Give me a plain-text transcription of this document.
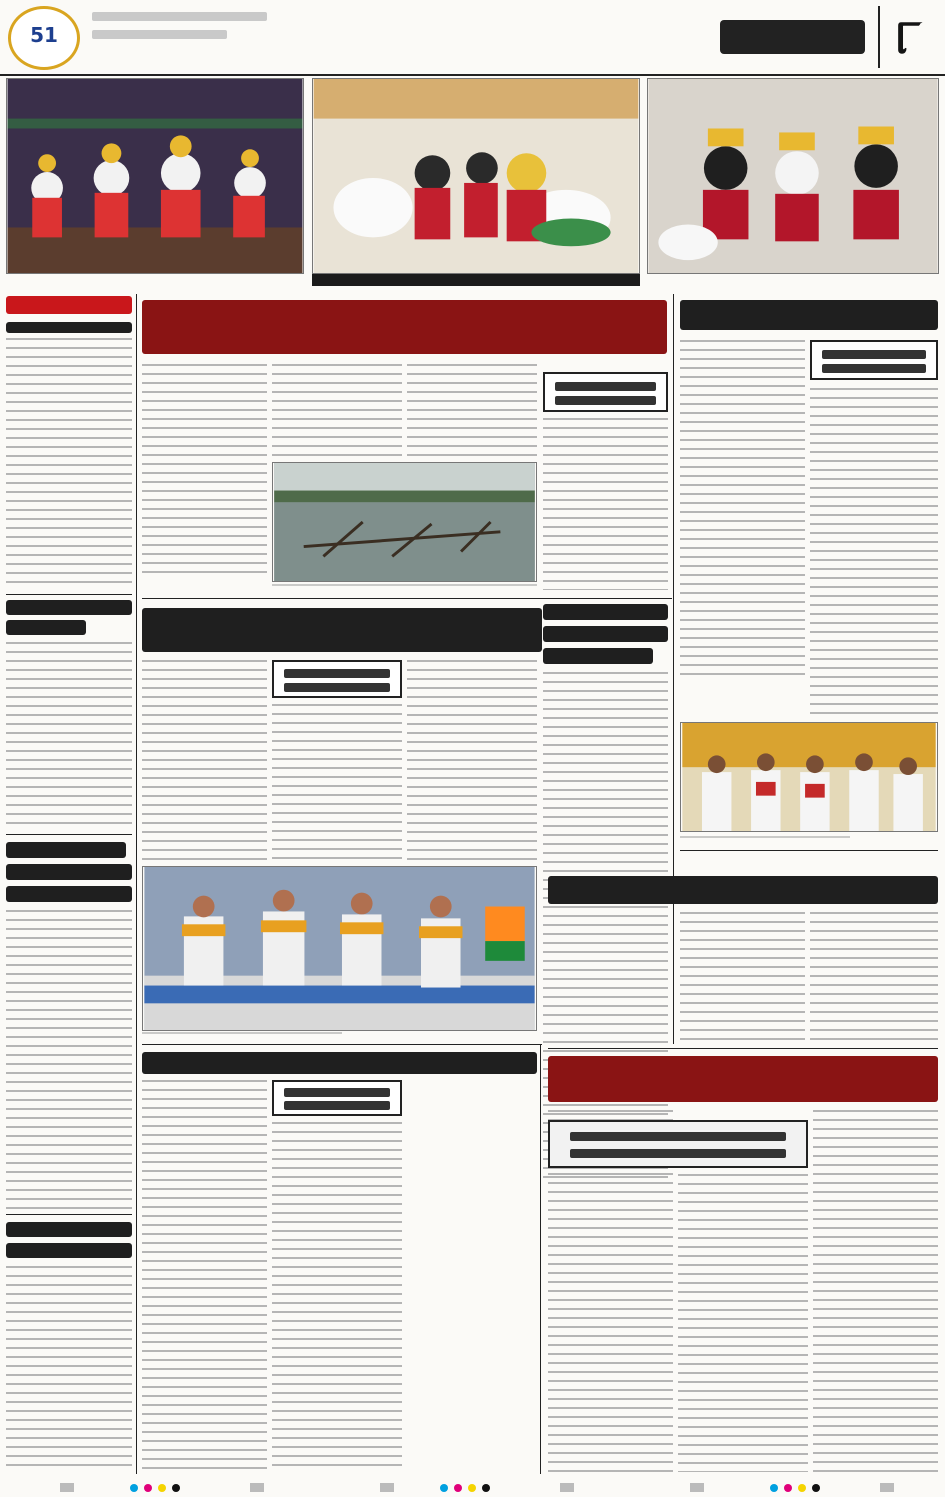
51	୮
